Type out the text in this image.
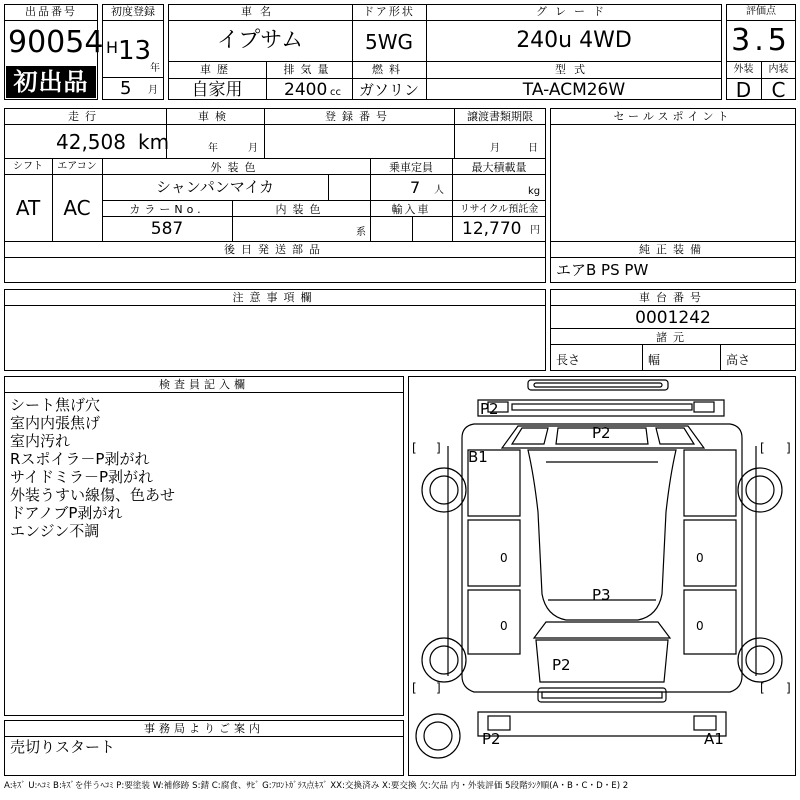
出品番号
90054
初出品
初度登録
H 13
年
5 月
車名
イプサム
ドア形状
5WG
グレード
240u 4WD
車歴
自家用
排気量
2400 cc
燃料
ガソリン
型式
TA-ACM26W
評価点
3.5
外装	内装
D	C
走行
42,508 km
車検
年	月
登録番号	譲渡書類期限
月	日
シフト	エアコン
AT	AC
外装色
シャンパンマイカ
乗車定員
7 人
最大積載量
kg
カラーNo.
587
内装色
系
輸入車	リサイクル預託金
12,770 円
後日発送部品
注意事項欄
セールスポイント
純正装備
エアB PS PW
車台番号
0001242
諸元
長さ	幅	高さ
検査員記入欄
シート焦げ穴
室内内張焦げ
室内汚れ
Rスポイラ－P剥がれ
サイドミラ－P剥がれ
外装うすい線傷、色あせ
ドアノブP剥がれ
エンジン不調
事務局よりご案内
売切りスタート
0
0
0
0
[ ]	[ ]
[ ]	[ ]
P2
P2
B1
P3
P2
P2	A1
A:ｷｽﾞ U:ﾍｺﾐ B:ｷｽﾞを伴うﾍｺﾐ P:要塗装 W:補修跡 S:錆 C:腐食、ｻﾋﾞ G:ﾌﾛﾝﾄｶﾞﾗｽ点ｷｽﾞ XX:交換済み X:要交換 欠:欠品 内・外装評価 5段階ﾗﾝｸ順(A・B・C・D・E) 2
